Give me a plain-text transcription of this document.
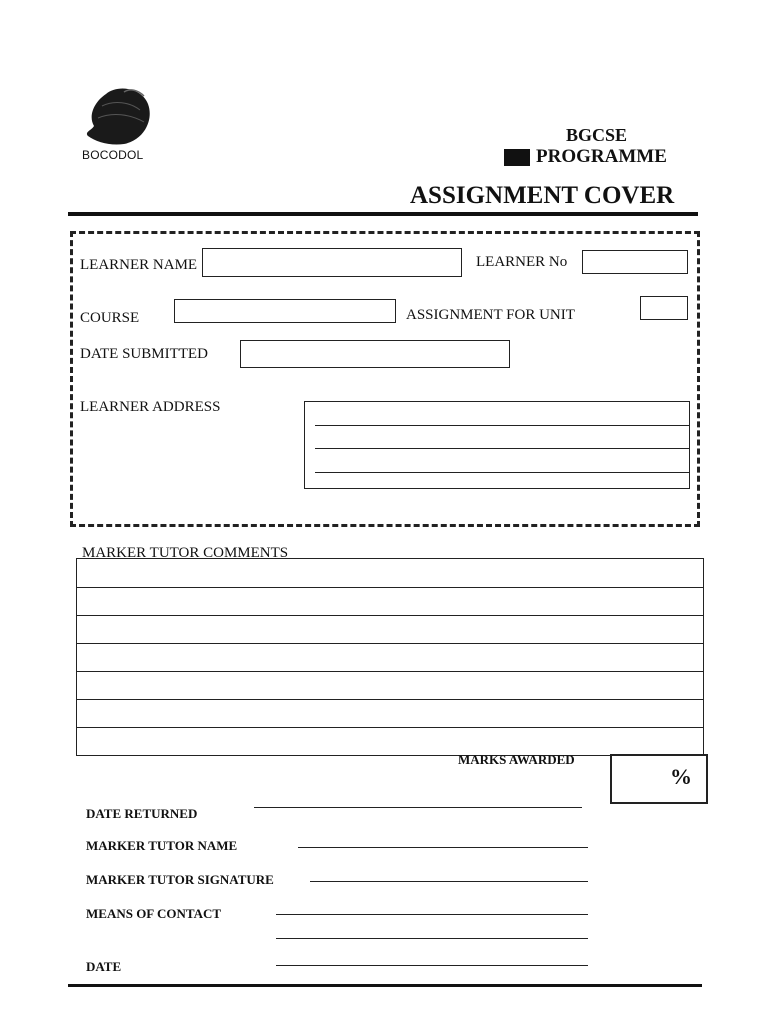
BOCODOL
BGCSE
PROGRAMME
ASSIGNMENT COVER
LEARNER NAME	LEARNER No
COURSE	ASSIGNMENT FOR UNIT
DATE SUBMITTED
LEARNER ADDRESS
MARKER TUTOR COMMENTS
MARKS AWARDED
%
DATE RETURNED
MARKER TUTOR NAME
MARKER TUTOR SIGNATURE
MEANS OF CONTACT
DATE
